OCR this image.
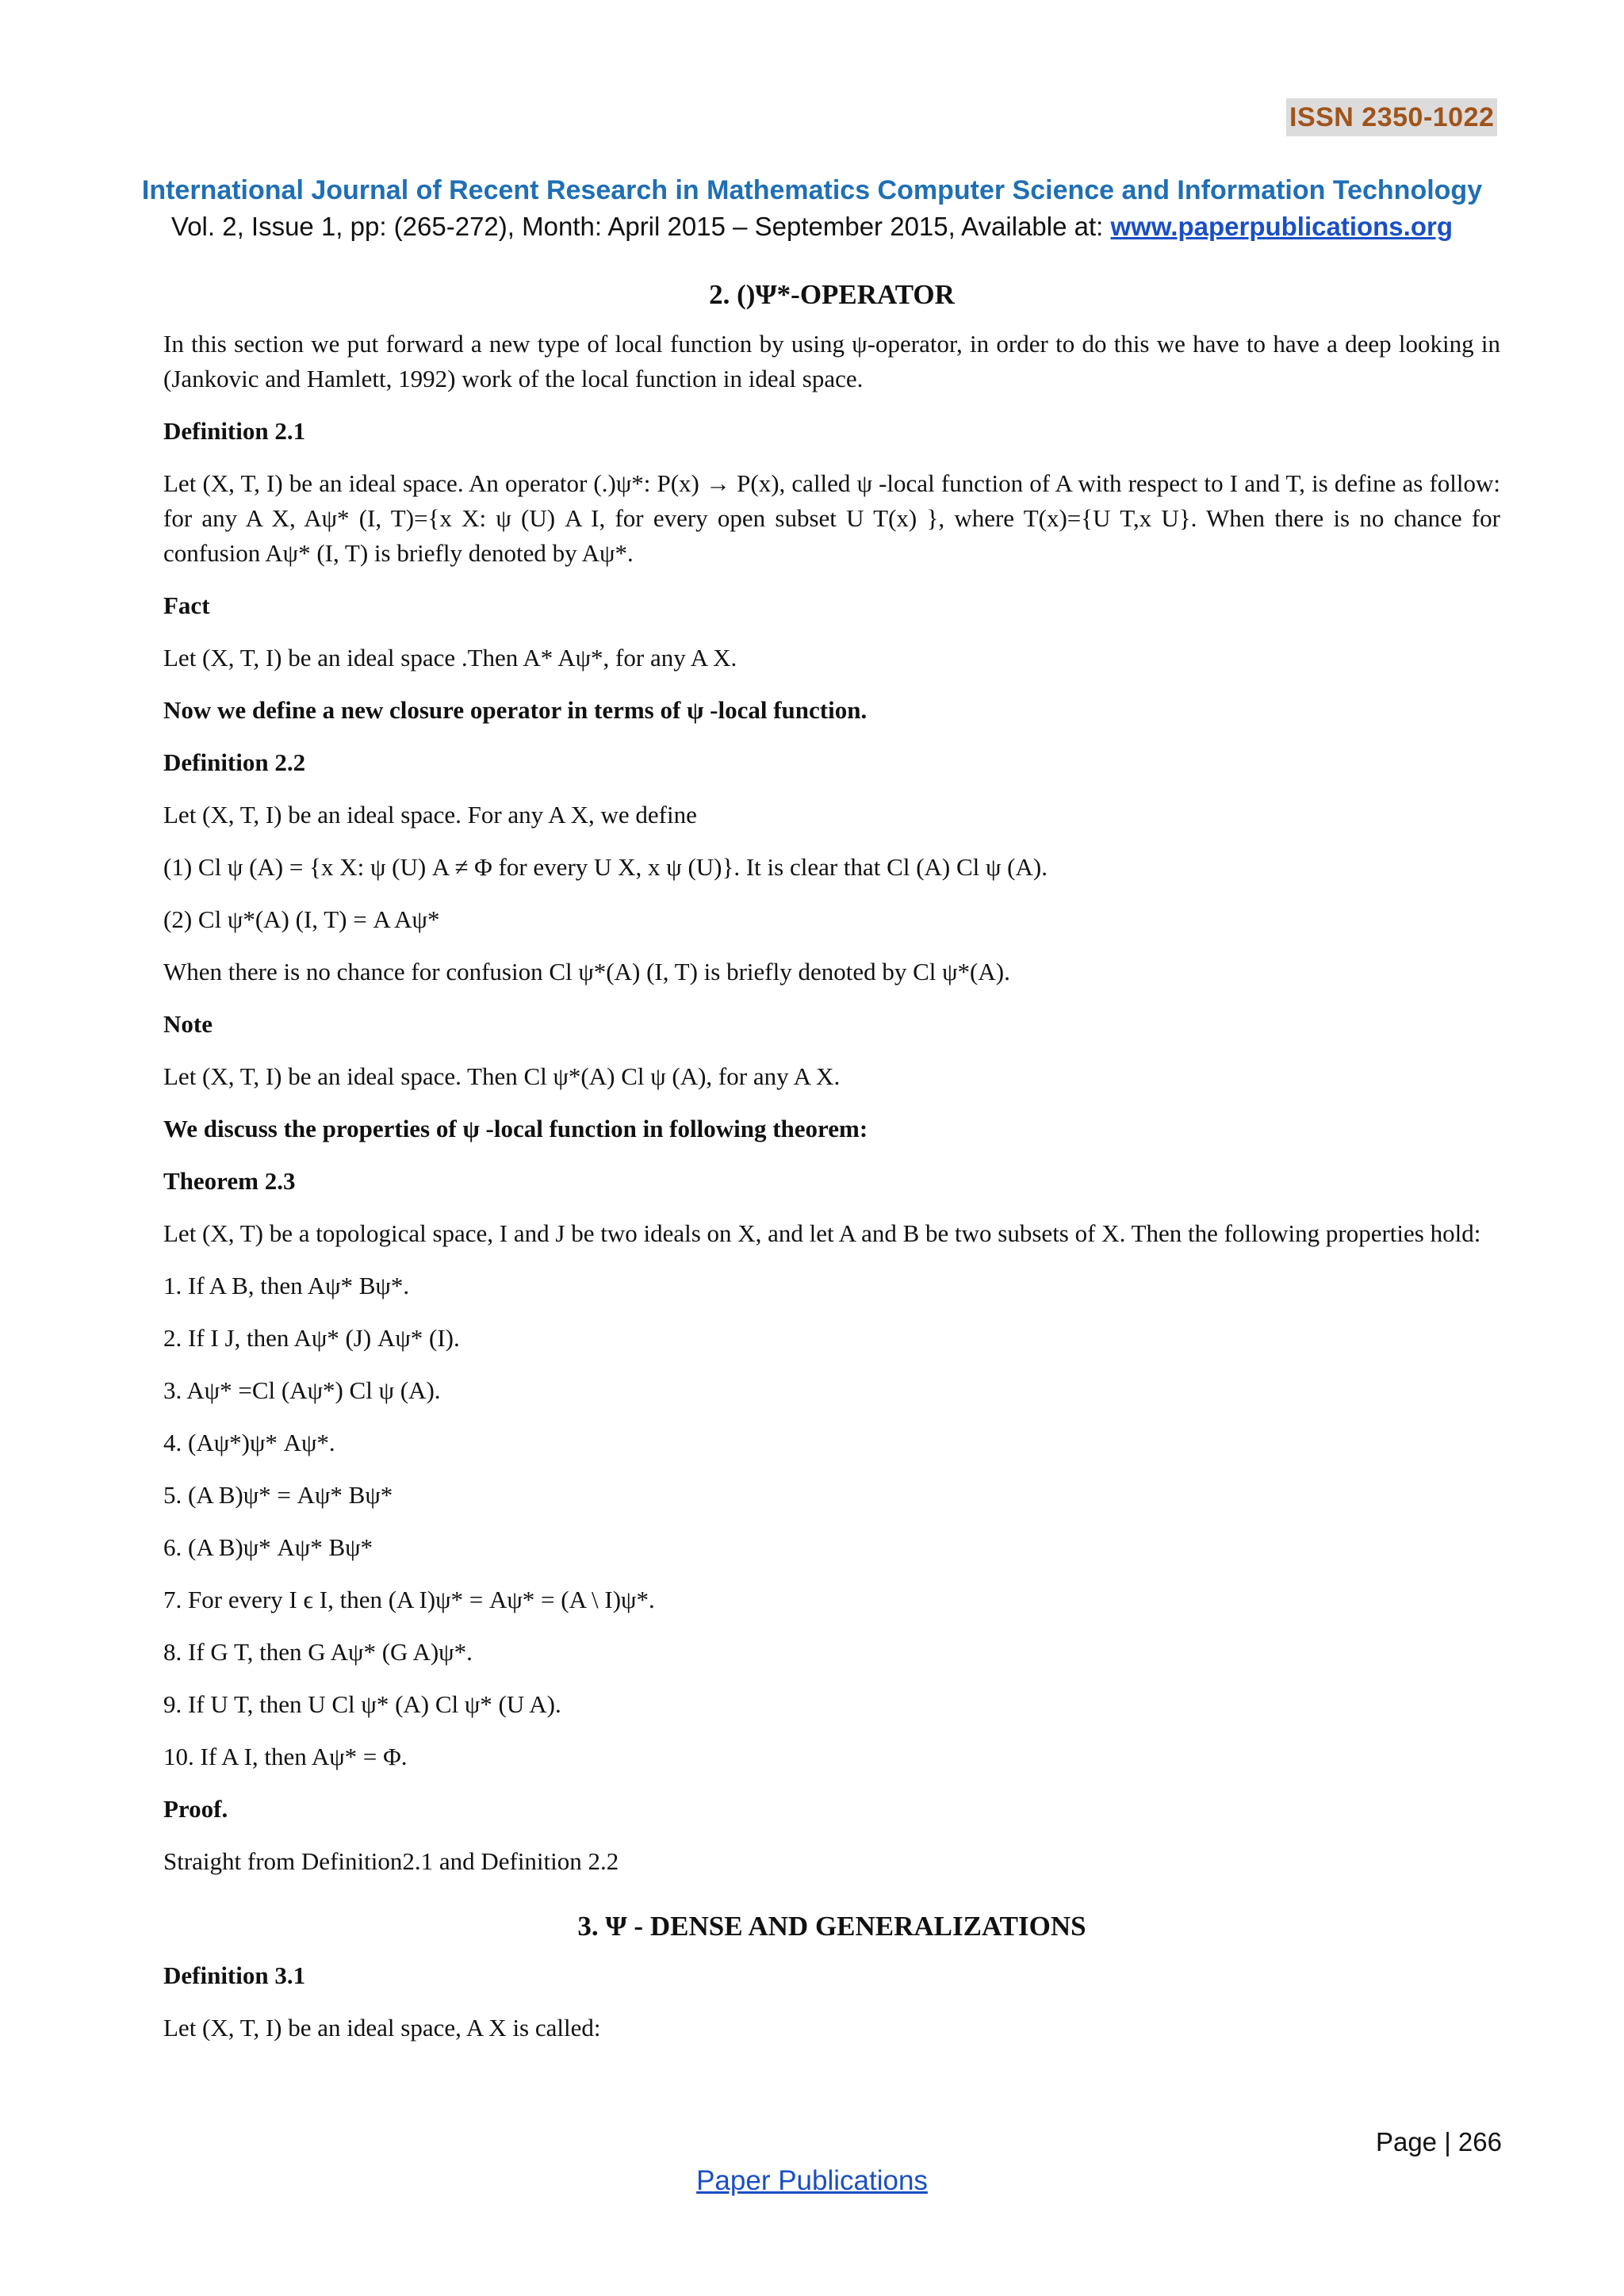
ISSN 2350-1022
International Journal of Recent Research in Mathematics Computer Science and Information Technology
Vol. 2, Issue 1, pp: (265-272), Month: April 2015 – September 2015, Available at: www.paperpublications.org

2. ()Ψ*-OPERATOR

In this section we put forward a new type of local function by using ψ-operator, in order to do this we have to have a deep looking in (Jankovic and Hamlett, 1992) work of the local function in ideal space.

Definition 2.1

Let (X, T, I) be an ideal space. An operator (.)ψ*: P(x) → P(x), called ψ -local function of A with respect to I and T, is define as follow: for any A X, Aψ* (I, T)={x X: ψ (U) A I, for every open subset U T(x) }, where T(x)={U T,x U}. When there is no chance for confusion Aψ* (I, T) is briefly denoted by Aψ*.

Fact

Let (X, T, I) be an ideal space .Then A* Aψ*, for any A X.

Now we define a new closure operator in terms of ψ -local function.

Definition 2.2

Let (X, T, I) be an ideal space. For any A X, we define

(1) Cl ψ (A) = {x X: ψ (U) A ≠ Φ for every U X, x ψ (U)}. It is clear that Cl (A) Cl ψ (A).

(2) Cl ψ*(A) (I, T) = A Aψ*

When there is no chance for confusion Cl ψ*(A) (I, T) is briefly denoted by Cl ψ*(A).

Note

Let (X, T, I) be an ideal space. Then Cl ψ*(A) Cl ψ (A), for any A X.

We discuss the properties of ψ -local function in following theorem:

Theorem 2.3

Let (X, T) be a topological space, I and J be two ideals on X, and let A and B be two subsets of X. Then the following properties hold:

1. If A B, then Aψ* Bψ*.

2. If I J, then Aψ* (J) Aψ* (I).

3. Aψ* =Cl (Aψ*) Cl ψ (A).

4. (Aψ*)ψ* Aψ*.

5. (A B)ψ* = Aψ* Bψ*

6. (A B)ψ* Aψ* Bψ*

7. For every I ϵ I, then (A I)ψ* = Aψ* = (A \ I)ψ*.

8. If G T, then G Aψ* (G A)ψ*.

9. If U T, then U Cl ψ* (A) Cl ψ* (U A).

10. If A I, then Aψ* = Φ.

Proof.

Straight from Definition2.1 and Definition 2.2

3. Ψ - DENSE AND GENERALIZATIONS

Definition 3.1

Let (X, T, I) be an ideal space, A X is called:

Page | 266
Paper Publications
